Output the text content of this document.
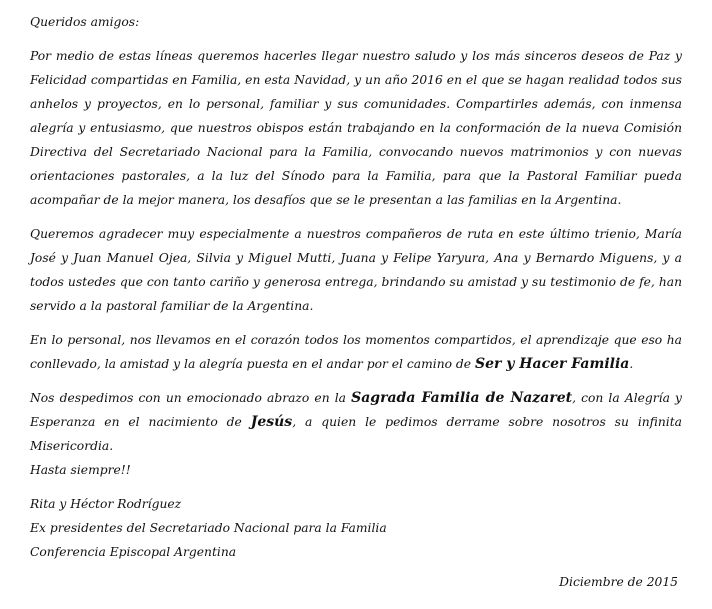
Queridos amigos:

Por medio de estas líneas queremos hacerles llegar nuestro saludo y los más sinceros deseos de Paz y Felicidad compartidas en Familia, en esta Navidad, y un año 2016 en el que se hagan realidad todos sus anhelos y proyectos, en lo personal, familiar y sus comunidades. Compartirles además, con inmensa alegría y entusiasmo, que nuestros obispos están trabajando en la conformación de la nueva Comisión Directiva del Secretariado Nacional para la Familia, convocando nuevos matrimonios y con nuevas orientaciones pastorales, a la luz del Sínodo para la Familia, para que la Pastoral Familiar pueda acompañar de la mejor manera, los desafíos que se le presentan a las familias en la Argentina.

Queremos agradecer muy especialmente a nuestros compañeros de ruta en este último trienio, María José y Juan Manuel Ojea, Silvia y Miguel Mutti, Juana y Felipe Yaryura, Ana y Bernardo Miguens, y a todos ustedes que con tanto cariño y generosa entrega, brindando su amistad y su testimonio de fe, han servido a la pastoral familiar de la Argentina.

En lo personal, nos llevamos en el corazón todos los momentos compartidos, el aprendizaje que eso ha conllevado, la amistad y la alegría puesta en el andar por el camino de Ser y Hacer Familia.

Nos despedimos con un emocionado abrazo en la Sagrada Familia de Nazaret, con la Alegría y Esperanza en el nacimiento de Jesús, a quien le pedimos derrame sobre nosotros su infinita Misericordia.

Hasta siempre!!

Rita y Héctor Rodríguez

Ex presidentes del Secretariado Nacional para la Familia

Conferencia Episcopal Argentina

Diciembre de 2015
